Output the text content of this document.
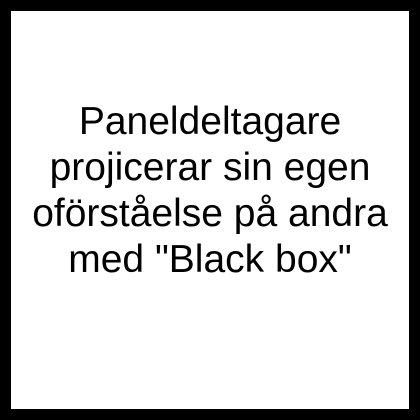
Paneldeltagare
projicerar sin egen
oförståelse på andra
med "Black box"
